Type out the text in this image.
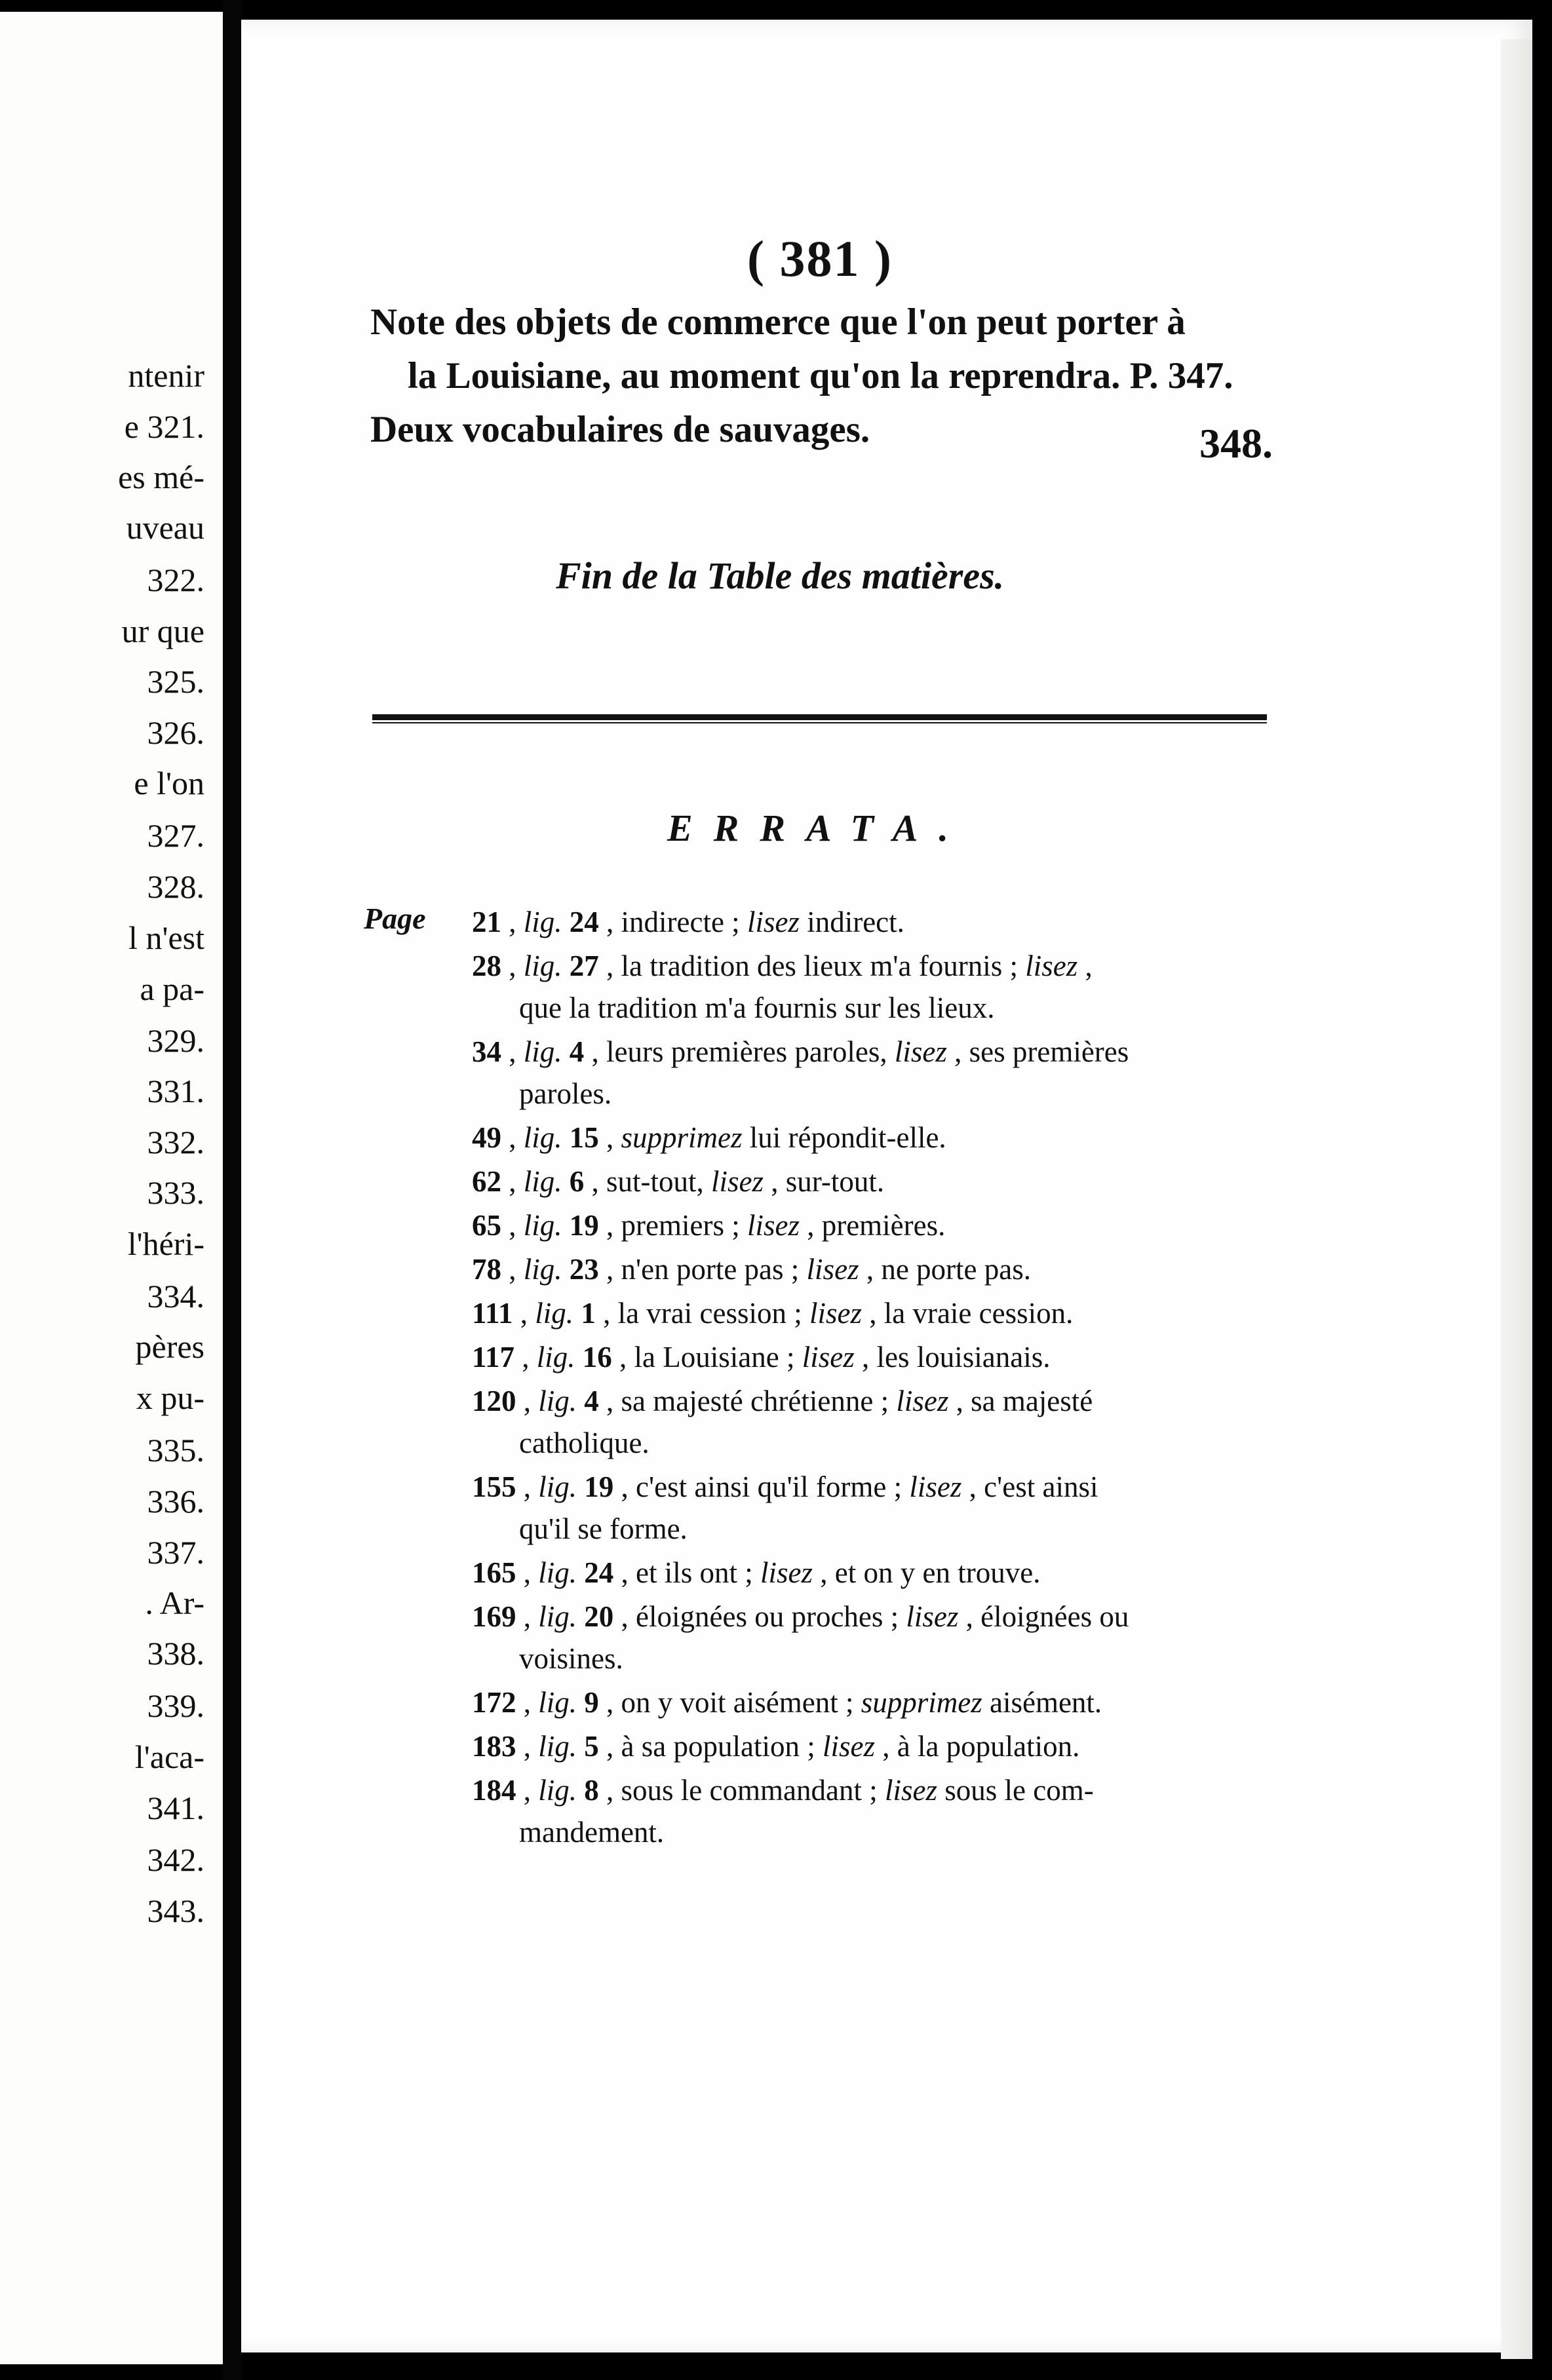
ntenir
e 321.
es mé-
uveau
322.
ur que
325.
326.
e l'on
327.
328.
l n'est
a pa-
329.
331.
332.
333.
l'héri-
334.
pères
x pu-
335.
336.
337.
. Ar-
338.
339.
l'aca-
341.
342.
343.
( 381 )
Note des objets de commerce que l'on peut porter à
la Louisiane, au moment qu'on la reprendra. P. 347.
Deux vocabulaires de sauvages.	348.
Fin de la Table des matières.
ERRATA.
Page 21 , lig. 24 , indirecte ; lisez indirect.
28 , lig. 27 , la tradition des lieux m'a fournis ; lisez ,
que la tradition m'a fournis sur les lieux.
34 , lig. 4 , leurs premières paroles, lisez , ses premières
paroles.
49 , lig. 15 , supprimez lui répondit-elle.
62 , lig. 6 , sut-tout, lisez , sur-tout.
65 , lig. 19 , premiers ; lisez , premières.
78 , lig. 23 , n'en porte pas ; lisez , ne porte pas.
111 , lig. 1 , la vrai cession ; lisez , la vraie cession.
117 , lig. 16 , la Louisiane ; lisez , les louisianais.
120 , lig. 4 , sa majesté chrétienne ; lisez , sa majesté
catholique.
155 , lig. 19 , c'est ainsi qu'il forme ; lisez , c'est ainsi
qu'il se forme.
165 , lig. 24 , et ils ont ; lisez , et on y en trouve.
169 , lig. 20 , éloignées ou proches ; lisez , éloignées ou
voisines.
172 , lig. 9 , on y voit aisément ; supprimez aisément.
183 , lig. 5 , à sa population ; lisez , à la population.
184 , lig. 8 , sous le commandant ; lisez sous le com-
mandement.
